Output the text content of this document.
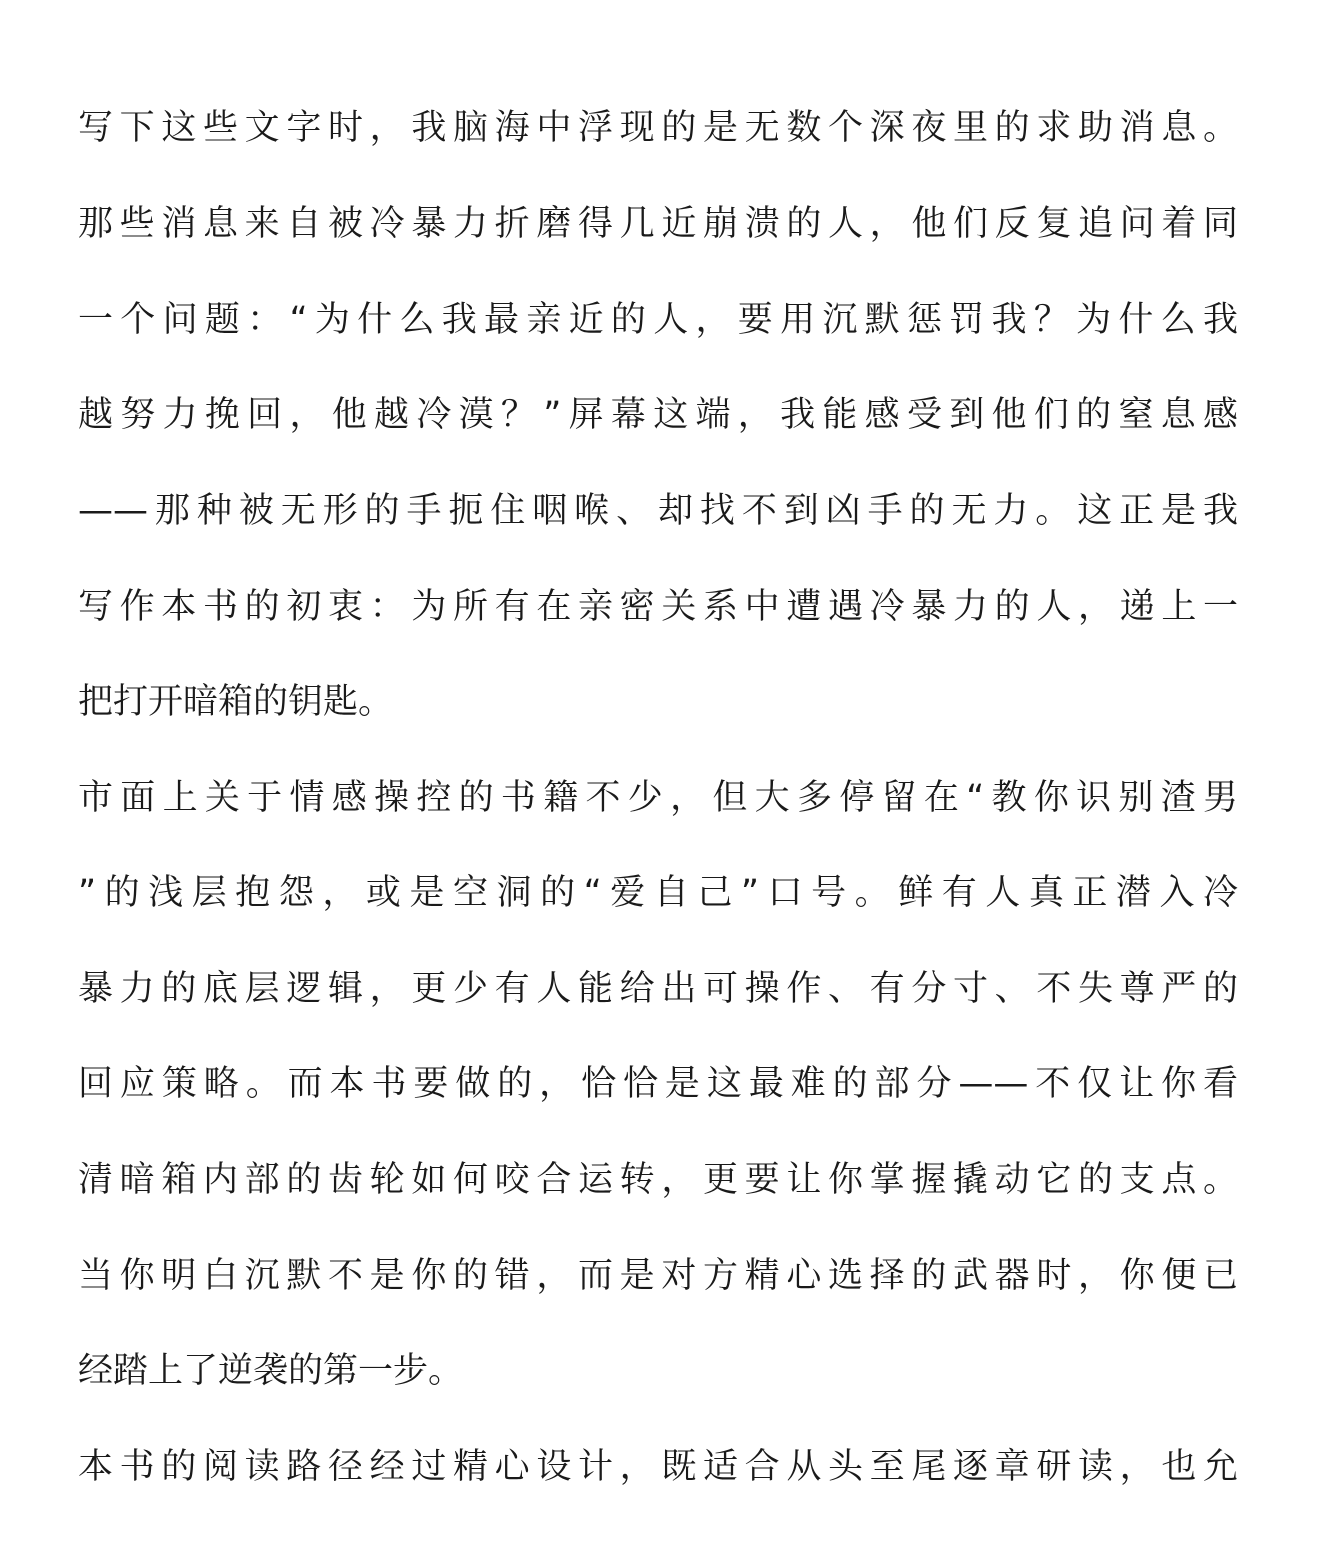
写下这些文字时，我脑海中浮现的是无数个深夜里的求助消息。
那些消息来自被冷暴力折磨得几近崩溃的人，他们反复追问着同
一个问题：“为什么我最亲近的人，要用沉默惩罚我？为什么我
越努力挽回，他越冷漠？”屏幕这端，我能感受到他们的窒息感
——那种被无形的手扼住咽喉、却找不到凶手的无力。这正是我
写作本书的初衷：为所有在亲密关系中遭遇冷暴力的人，递上一
把打开暗箱的钥匙。
市面上关于情感操控的书籍不少，但大多停留在“教你识别渣男
”的浅层抱怨，或是空洞的“爱自己”口号。鲜有人真正潜入冷
暴力的底层逻辑，更少有人能给出可操作、有分寸、不失尊严的
回应策略。而本书要做的，恰恰是这最难的部分——不仅让你看
清暗箱内部的齿轮如何咬合运转，更要让你掌握撬动它的支点。
当你明白沉默不是你的错，而是对方精心选择的武器时，你便已
经踏上了逆袭的第一步。
本书的阅读路径经过精心设计，既适合从头至尾逐章研读，也允
